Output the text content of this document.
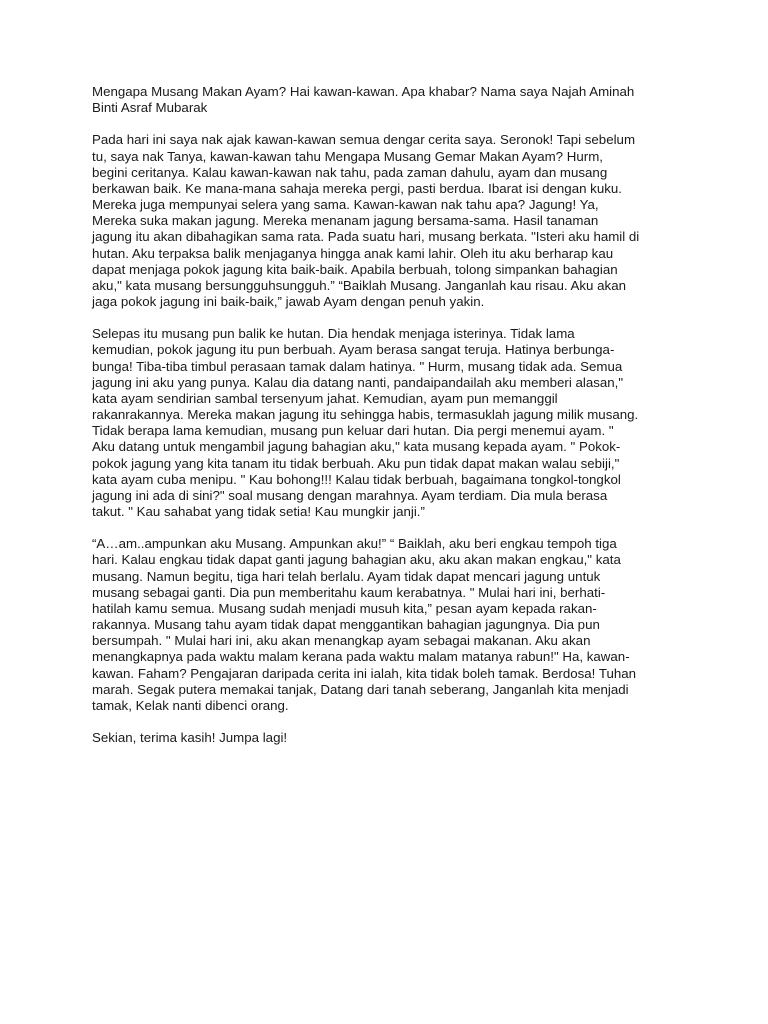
Mengapa Musang Makan Ayam? Hai kawan-kawan. Apa khabar? Nama saya Najah Aminah
Binti Asraf Mubarak

Pada hari ini saya nak ajak kawan-kawan semua dengar cerita saya. Seronok! Tapi sebelum
tu, saya nak Tanya, kawan-kawan tahu Mengapa Musang Gemar Makan Ayam? Hurm,
begini ceritanya. Kalau kawan-kawan nak tahu, pada zaman dahulu, ayam dan musang
berkawan baik. Ke mana-mana sahaja mereka pergi, pasti berdua. Ibarat isi dengan kuku.
Mereka juga mempunyai selera yang sama. Kawan-kawan nak tahu apa? Jagung! Ya,
Mereka suka makan jagung. Mereka menanam jagung bersama-sama. Hasil tanaman
jagung itu akan dibahagikan sama rata. Pada suatu hari, musang berkata. "Isteri aku hamil di
hutan. Aku terpaksa balik menjaganya hingga anak kami lahir. Oleh itu aku berharap kau
dapat menjaga pokok jagung kita baik-baik. Apabila berbuah, tolong simpankan bahagian
aku," kata musang bersungguhsungguh.” “Baiklah Musang. Janganlah kau risau. Aku akan
jaga pokok jagung ini baik-baik,” jawab Ayam dengan penuh yakin.

Selepas itu musang pun balik ke hutan. Dia hendak menjaga isterinya. Tidak lama
kemudian, pokok jagung itu pun berbuah. Ayam berasa sangat teruja. Hatinya berbunga-
bunga! Tiba-tiba timbul perasaan tamak dalam hatinya. " Hurm, musang tidak ada. Semua
jagung ini aku yang punya. Kalau dia datang nanti, pandaipandailah aku memberi alasan,"
kata ayam sendirian sambal tersenyum jahat. Kemudian, ayam pun memanggil
rakanrakannya. Mereka makan jagung itu sehingga habis, termasuklah jagung milik musang.
Tidak berapa lama kemudian, musang pun keluar dari hutan. Dia pergi menemui ayam. "
Aku datang untuk mengambil jagung bahagian aku," kata musang kepada ayam. " Pokok-
pokok jagung yang kita tanam itu tidak berbuah. Aku pun tidak dapat makan walau sebiji,"
kata ayam cuba menipu. " Kau bohong!!! Kalau tidak berbuah, bagaimana tongkol-tongkol
jagung ini ada di sini?" soal musang dengan marahnya. Ayam terdiam. Dia mula berasa
takut. " Kau sahabat yang tidak setia! Kau mungkir janji.”

“A…am..ampunkan aku Musang. Ampunkan aku!” “ Baiklah, aku beri engkau tempoh tiga
hari. Kalau engkau tidak dapat ganti jagung bahagian aku, aku akan makan engkau," kata
musang. Namun begitu, tiga hari telah berlalu. Ayam tidak dapat mencari jagung untuk
musang sebagai ganti. Dia pun memberitahu kaum kerabatnya. " Mulai hari ini, berhati-
hatilah kamu semua. Musang sudah menjadi musuh kita,” pesan ayam kepada rakan-
rakannya. Musang tahu ayam tidak dapat menggantikan bahagian jagungnya. Dia pun
bersumpah. " Mulai hari ini, aku akan menangkap ayam sebagai makanan. Aku akan
menangkapnya pada waktu malam kerana pada waktu malam matanya rabun!" Ha, kawan-
kawan. Faham? Pengajaran daripada cerita ini ialah, kita tidak boleh tamak. Berdosa! Tuhan
marah. Segak putera memakai tanjak, Datang dari tanah seberang, Janganlah kita menjadi
tamak, Kelak nanti dibenci orang.

Sekian, terima kasih! Jumpa lagi!
